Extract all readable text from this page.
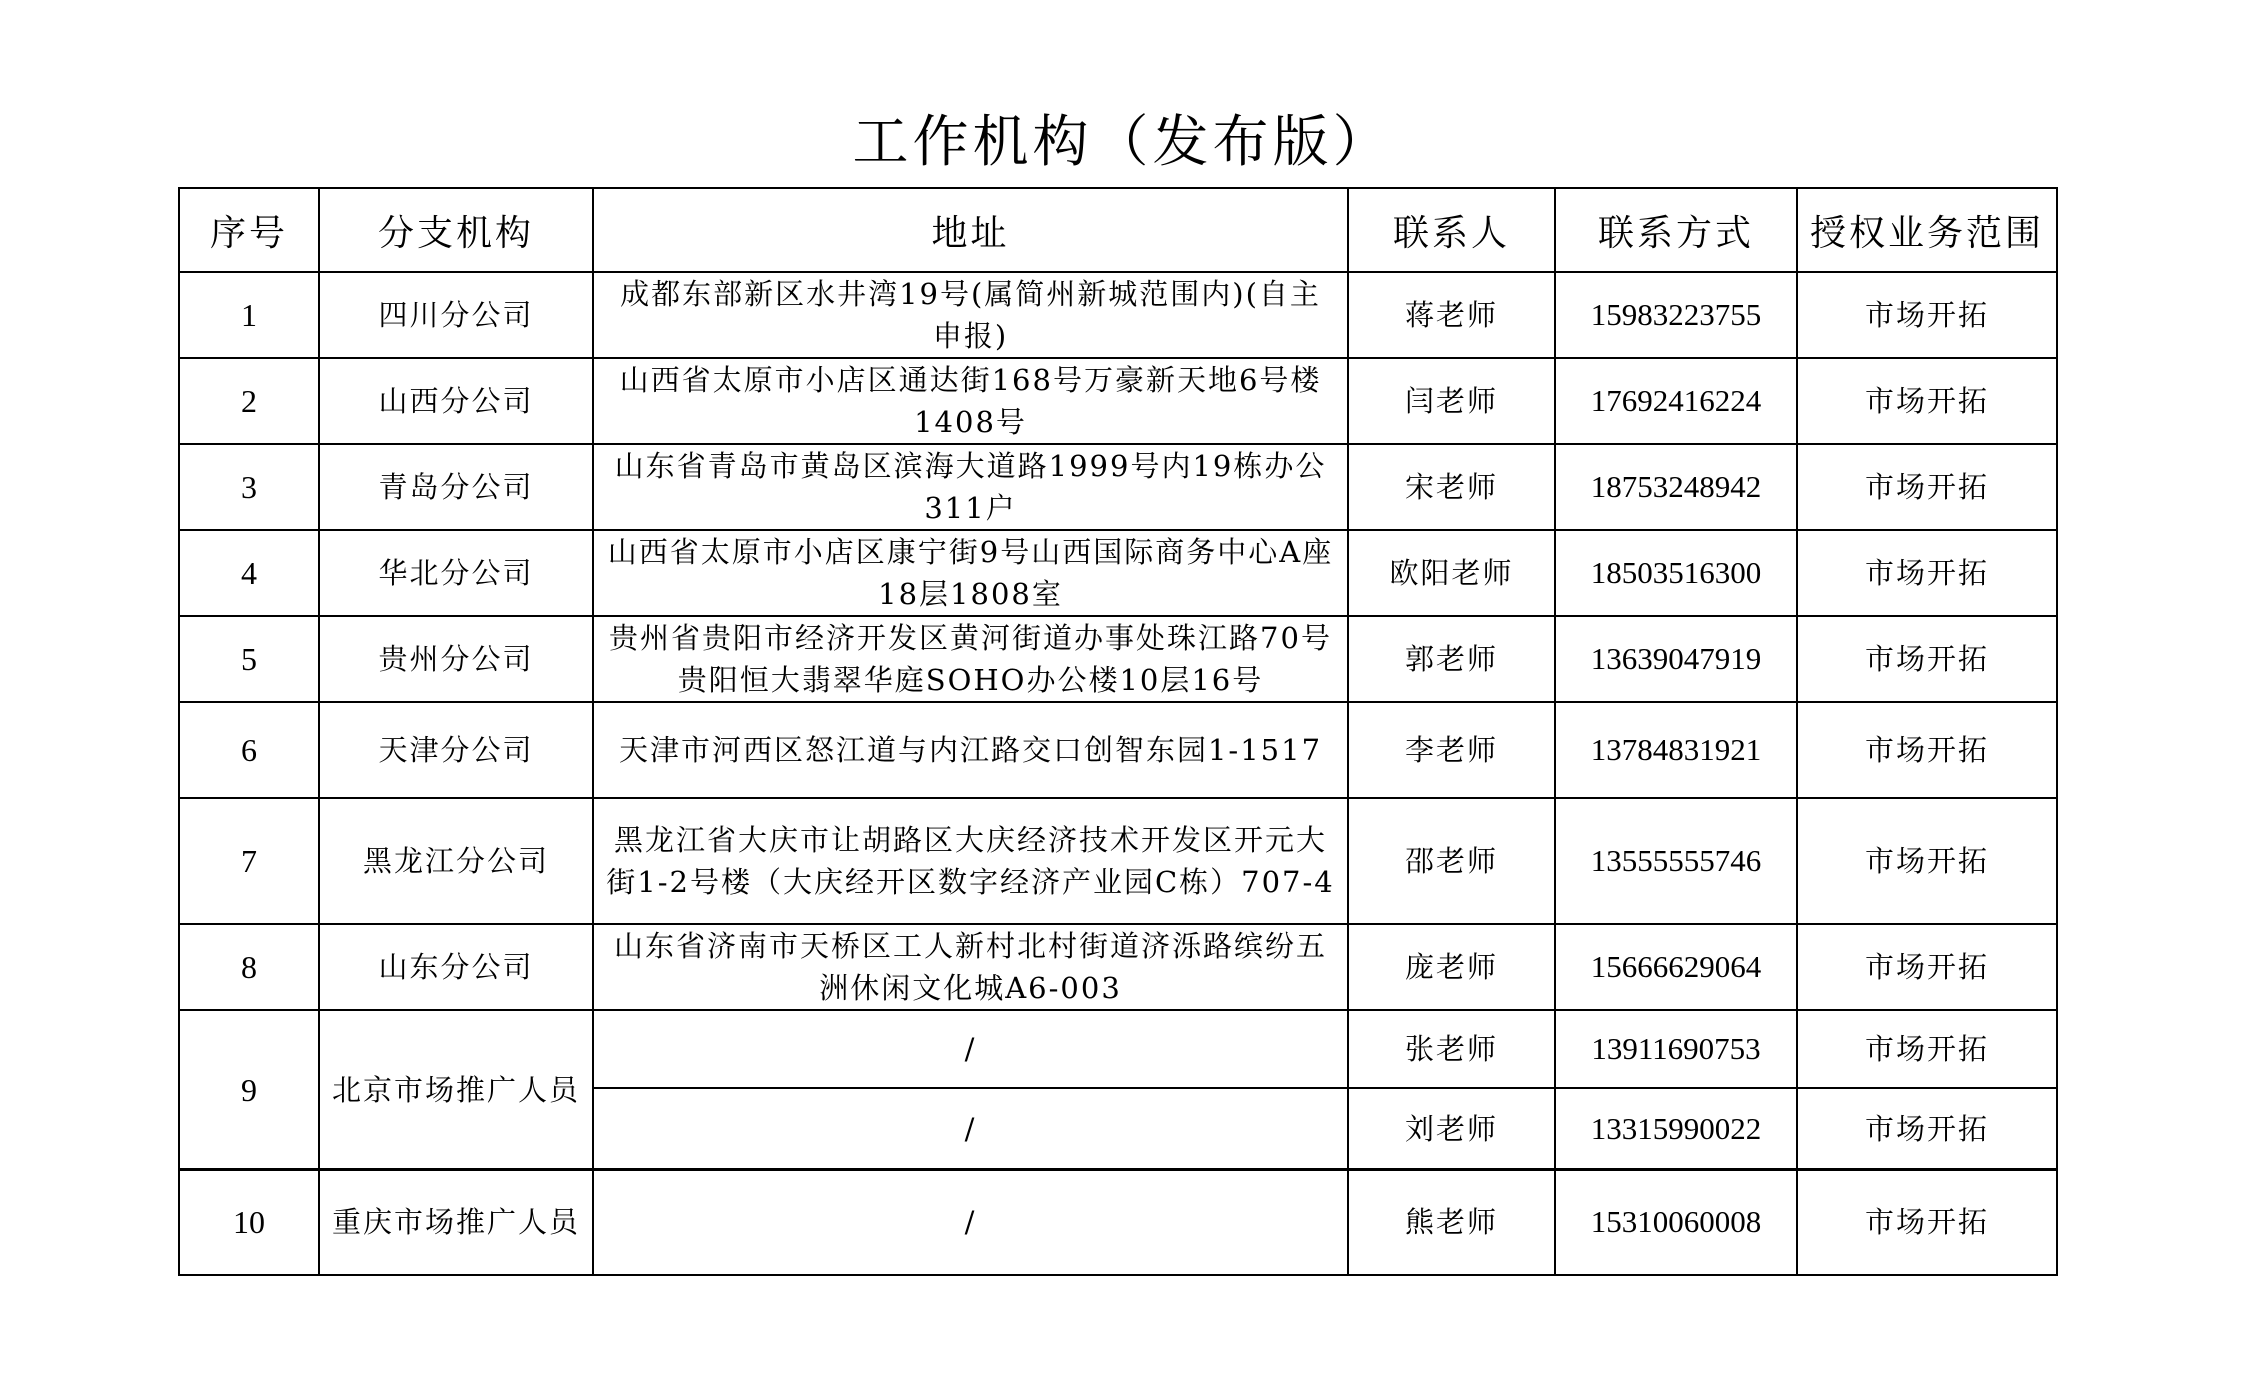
工作机构（发布版）
序号	分支机构	地址	联系人	联系方式	授权业务范围
1	四川分公司	成都东部新区水井湾19号(属简州新城范围内)(自主申报)	蒋老师	15983223755	市场开拓
2	山西分公司	山西省太原市小店区通达街168号万豪新天地6号楼1408号	闫老师	17692416224	市场开拓
3	青岛分公司	山东省青岛市黄岛区滨海大道路1999号内19栋办公311户	宋老师	18753248942	市场开拓
4	华北分公司	山西省太原市小店区康宁街9号山西国际商务中心A座18层1808室	欧阳老师	18503516300	市场开拓
5	贵州分公司	贵州省贵阳市经济开发区黄河街道办事处珠江路70号贵阳恒大翡翠华庭SOHO办公楼10层16号	郭老师	13639047919	市场开拓
6	天津分公司	天津市河西区怒江道与内江路交口创智东园1-1517	李老师	13784831921	市场开拓
7	黑龙江分公司	黑龙江省大庆市让胡路区大庆经济技术开发区开元大街1-2号楼（大庆经开区数字经济产业园C栋）707-4	邵老师	13555555746	市场开拓
8	山东分公司	山东省济南市天桥区工人新村北村街道济泺路缤纷五洲休闲文化城A6-003	庞老师	15666629064	市场开拓
9	北京市场推广人员	/	张老师	13911690753	市场开拓
		/	刘老师	13315990022	市场开拓
10	重庆市场推广人员	/	熊老师	15310060008	市场开拓
